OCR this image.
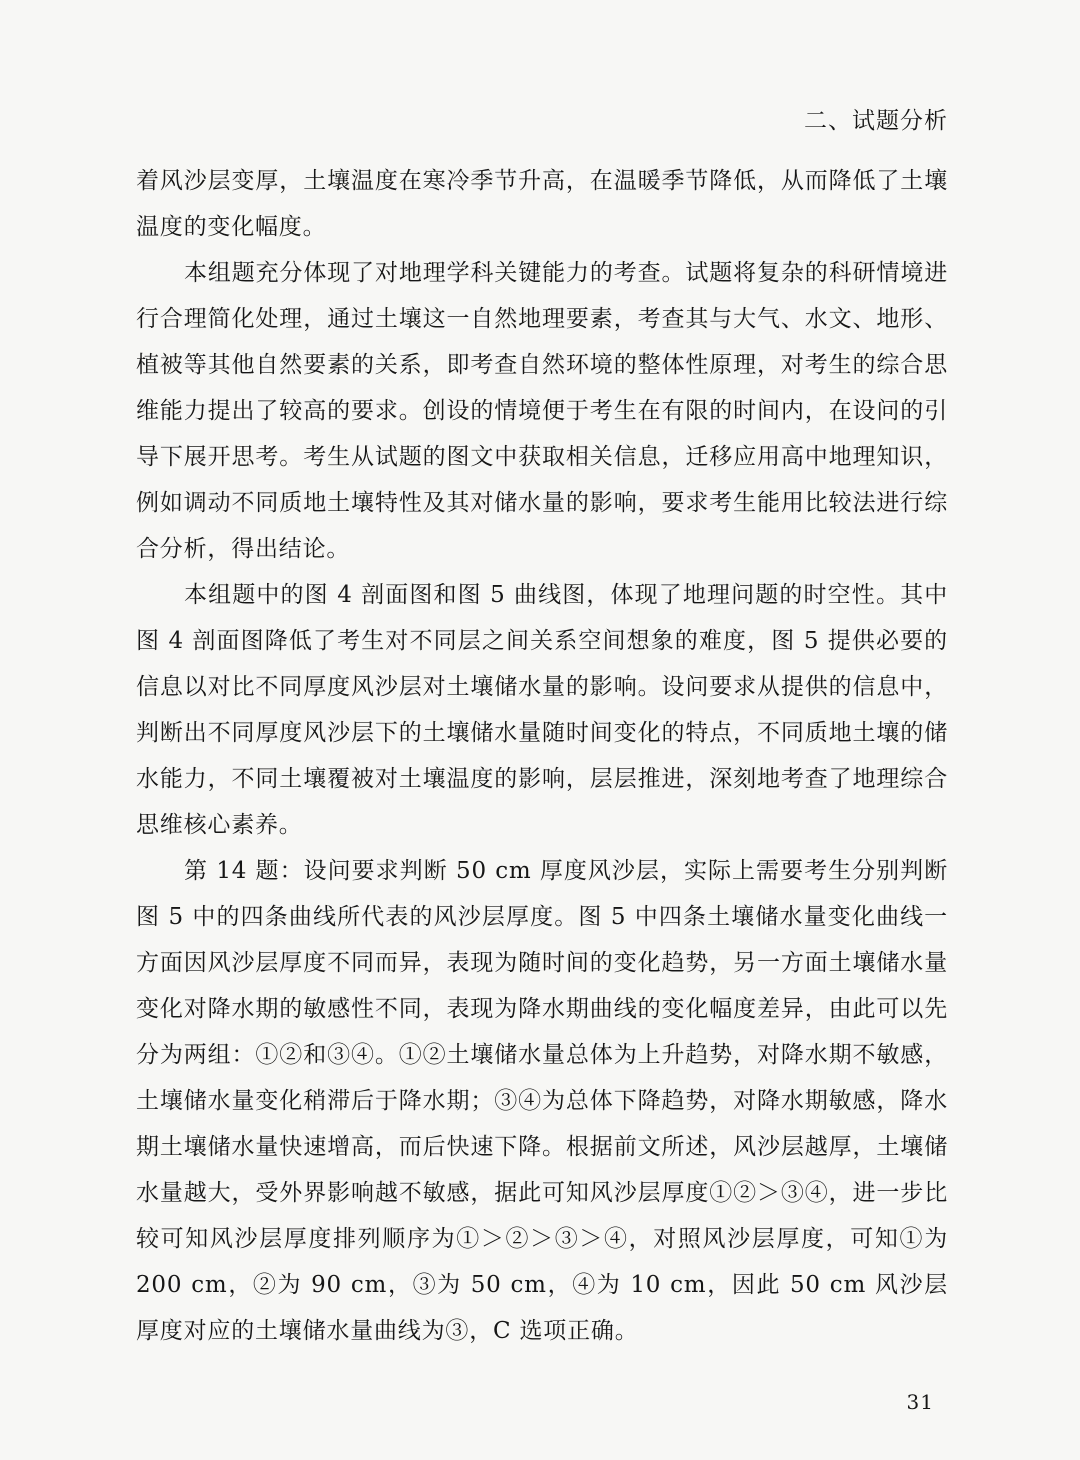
二、试题分析

着风沙层变厚，土壤温度在寒冷季节升高，在温暖季节降低，从而降低了土壤温度的变化幅度。

本组题充分体现了对地理学科关键能力的考查。试题将复杂的科研情境进行合理简化处理，通过土壤这一自然地理要素，考查其与大气、水文、地形、植被等其他自然要素的关系，即考查自然环境的整体性原理，对考生的综合思维能力提出了较高的要求。创设的情境便于考生在有限的时间内，在设问的引导下展开思考。考生从试题的图文中获取相关信息，迁移应用高中地理知识，例如调动不同质地土壤特性及其对储水量的影响，要求考生能用比较法进行综合分析，得出结论。

本组题中的图 4 剖面图和图 5 曲线图，体现了地理问题的时空性。其中图 4 剖面图降低了考生对不同层之间关系空间想象的难度，图 5 提供必要的信息以对比不同厚度风沙层对土壤储水量的影响。设问要求从提供的信息中，判断出不同厚度风沙层下的土壤储水量随时间变化的特点，不同质地土壤的储水能力，不同土壤覆被对土壤温度的影响，层层推进，深刻地考查了地理综合思维核心素养。

第 14 题：设问要求判断 50 cm 厚度风沙层，实际上需要考生分别判断图 5 中的四条曲线所代表的风沙层厚度。图 5 中四条土壤储水量变化曲线一方面因风沙层厚度不同而异，表现为随时间的变化趋势，另一方面土壤储水量变化对降水期的敏感性不同，表现为降水期曲线的变化幅度差异，由此可以先分为两组：①②和③④。①②土壤储水量总体为上升趋势，对降水期不敏感，土壤储水量变化稍滞后于降水期；③④为总体下降趋势，对降水期敏感，降水期土壤储水量快速增高，而后快速下降。根据前文所述，风沙层越厚，土壤储水量越大，受外界影响越不敏感，据此可知风沙层厚度①②＞③④，进一步比较可知风沙层厚度排列顺序为①＞②＞③＞④，对照风沙层厚度，可知①为 200 cm，②为 90 cm，③为 50 cm，④为 10 cm，因此 50 cm 风沙层厚度对应的土壤储水量曲线为③，C 选项正确。

31
